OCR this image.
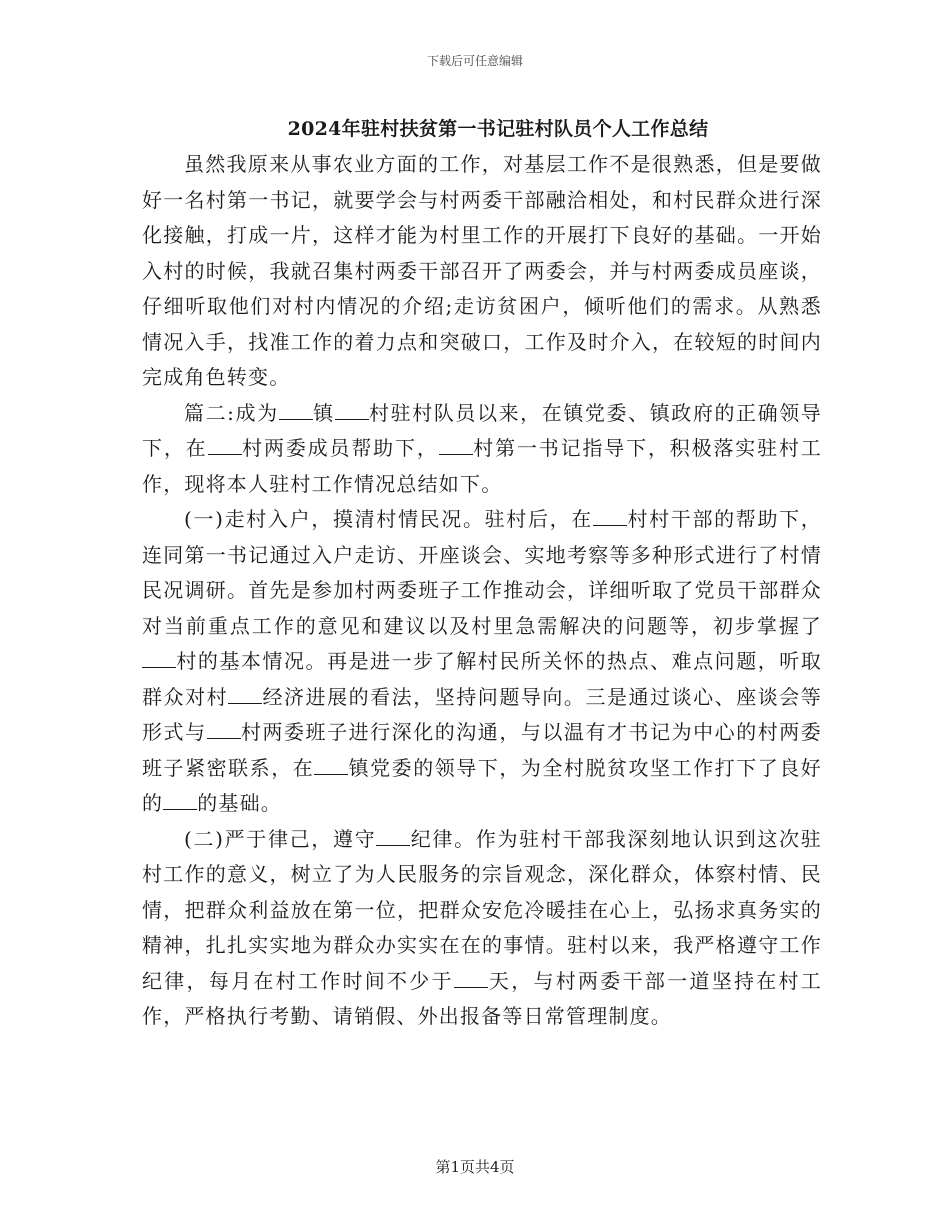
下载后可任意编辑
2024年驻村扶贫第一书记驻村队员个人工作总结

虽然我原来从事农业方面的工作，对基层工作不是很熟悉，但是要做好一名村第一书记，就要学会与村两委干部融洽相处，和村民群众进行深化接触，打成一片，这样才能为村里工作的开展打下良好的基础。一开始入村的时候，我就召集村两委干部召开了两委会，并与村两委成员座谈，仔细听取他们对村内情况的介绍;走访贫困户，倾听他们的需求。从熟悉情况入手，找准工作的着力点和突破口，工作及时介入，在较短的时间内完成角色转变。

篇二:成为 镇 村驻村队员以来，在镇党委、镇政府的正确领导下，在 村两委成员帮助下， 村第一书记指导下，积极落实驻村工作，现将本人驻村工作情况总结如下。

(一)走村入户，摸清村情民况。驻村后，在 村村干部的帮助下，连同第一书记通过入户走访、开座谈会、实地考察等多种形式进行了村情民况调研。首先是参加村两委班子工作推动会，详细听取了党员干部群众对当前重点工作的意见和建议以及村里急需解决的问题等，初步掌握了村的基本情况。再是进一步了解村民所关怀的热点、难点问题，听取群众对村 经济进展的看法，坚持问题导向。三是通过谈心、座谈会等形式与 村两委班子进行深化的沟通，与以温有才书记为中心的村两委班子紧密联系，在 镇党委的领导下，为全村脱贫攻坚工作打下了良好的 的基础。

(二)严于律己，遵守 纪律。作为驻村干部我深刻地认识到这次驻村工作的意义，树立了为人民服务的宗旨观念，深化群众，体察村情、民情，把群众利益放在第一位，把群众安危冷暖挂在心上，弘扬求真务实的精神，扎扎实实地为群众办实实在在的事情。驻村以来，我严格遵守工作纪律，每月在村工作时间不少于 天，与村两委干部一道坚持在村工作，严格执行考勤、请销假、外出报备等日常管理制度。

第1页共4页
